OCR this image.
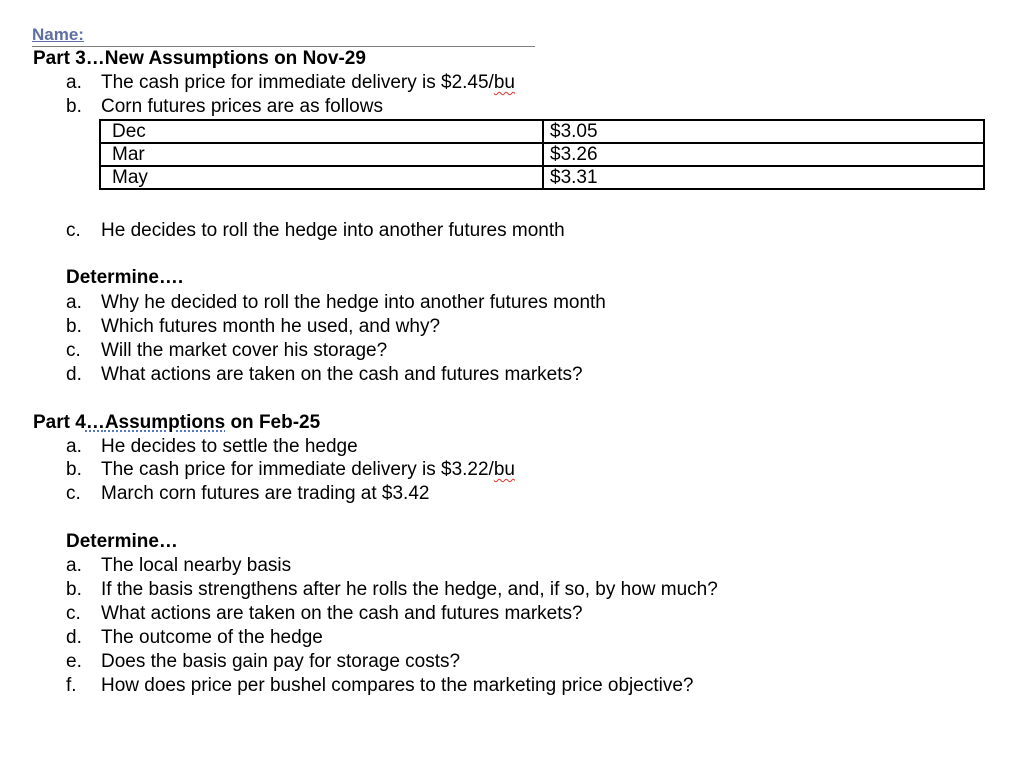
Name:
Part 3…New Assumptions on Nov-29
a. The cash price for immediate delivery is $2.45/bu
b. Corn futures prices are as follows
Dec	$3.05
Mar	$3.26
May	$3.31
c. He decides to roll the hedge into another futures month
Determine….
a. Why he decided to roll the hedge into another futures month
b. Which futures month he used, and why?
c. Will the market cover his storage?
d. What actions are taken on the cash and futures markets?
Part 4…Assumptions on Feb-25
a. He decides to settle the hedge
b. The cash price for immediate delivery is $3.22/bu
c. March corn futures are trading at $3.42
Determine…
a. The local nearby basis
b. If the basis strengthens after he rolls the hedge, and, if so, by how much?
c. What actions are taken on the cash and futures markets?
d. The outcome of the hedge
e. Does the basis gain pay for storage costs?
f. How does price per bushel compares to the marketing price objective?
